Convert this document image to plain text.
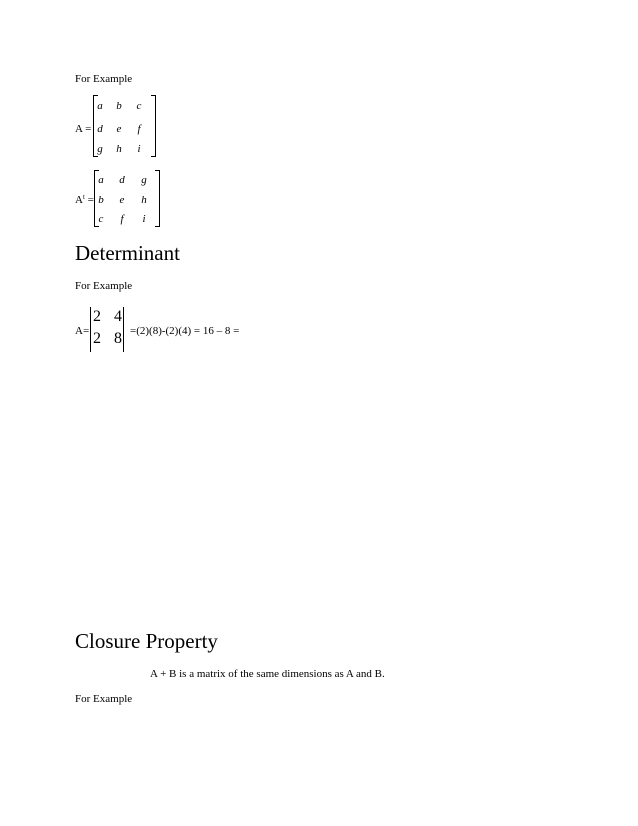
For Example
A =
a	b	c
d	e	f
g	h	i
$A^t$ =
a	d	g
b	e	h
c	f	i
Determinant
For Example
A=
2 4
2 8 =(2)(8)-(2)(4) = 16 – 8 =
Closure Property
A + B is a matrix of the same dimensions as A and B.
For Example
